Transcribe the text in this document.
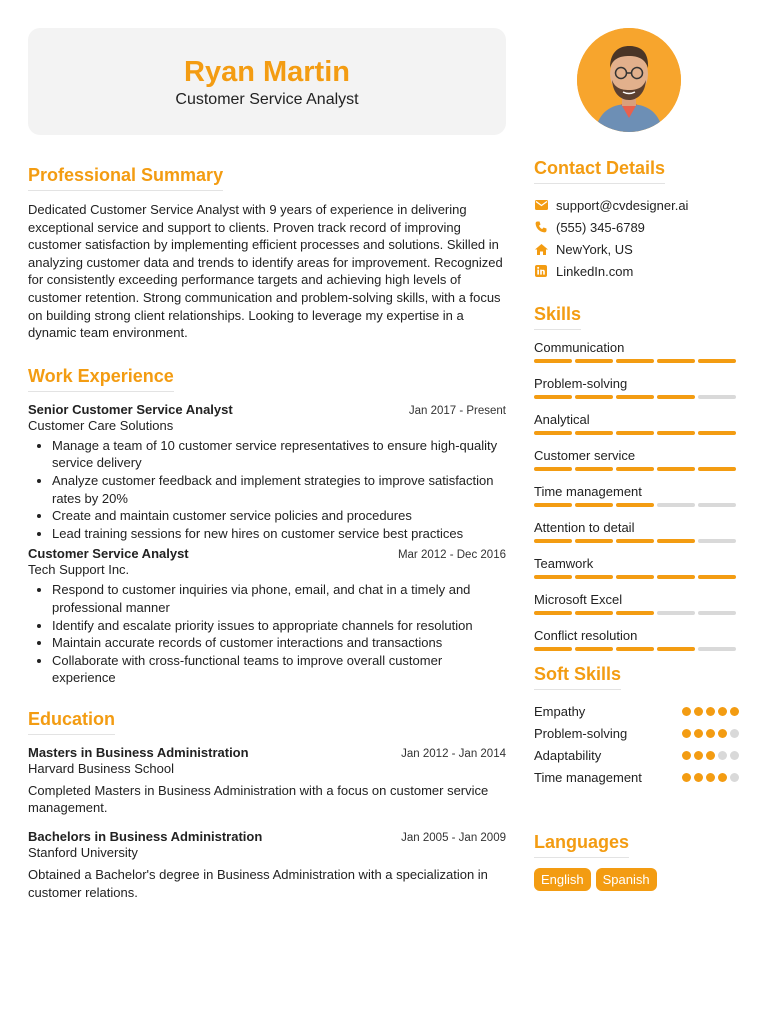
Ryan Martin
Customer Service Analyst
Professional Summary

Dedicated Customer Service Analyst with 9 years of experience in delivering exceptional service and support to clients. Proven track record of improving customer satisfaction by implementing efficient processes and solutions. Skilled in analyzing customer data and trends to identify areas for improvement. Recognized for consistently exceeding performance targets and achieving high levels of customer retention. Strong communication and problem-solving skills, with a focus on building strong client relationships. Looking to leverage my expertise in a dynamic team environment.

Work Experience
Senior Customer Service Analyst	Jan 2017 - Present
Customer Care Solutions
• Manage a team of 10 customer service representatives to ensure high-quality service delivery
• Analyze customer feedback and implement strategies to improve satisfaction rates by 20%
• Create and maintain customer service policies and procedures
• Lead training sessions for new hires on customer service best practices
Customer Service Analyst	Mar 2012 - Dec 2016
Tech Support Inc.
• Respond to customer inquiries via phone, email, and chat in a timely and professional manner
• Identify and escalate priority issues to appropriate channels for resolution
• Maintain accurate records of customer interactions and transactions
• Collaborate with cross-functional teams to improve overall customer experience
Education
Masters in Business Administration	Jan 2012 - Jan 2014
Harvard Business School

Completed Masters in Business Administration with a focus on customer service management.

Bachelors in Business Administration	Jan 2005 - Jan 2009
Stanford University

Obtained a Bachelor's degree in Business Administration with a specialization in customer relations.

Contact Details
support@cvdesigner.ai
(555) 345-6789
NewYork, US
LinkedIn.com
Skills
Communication
Problem-solving
Analytical
Customer service
Time management
Attention to detail
Teamwork
Microsoft Excel
Conflict resolution
Soft Skills
Empathy
Problem-solving
Adaptability
Time management
Languages
English	Spanish
